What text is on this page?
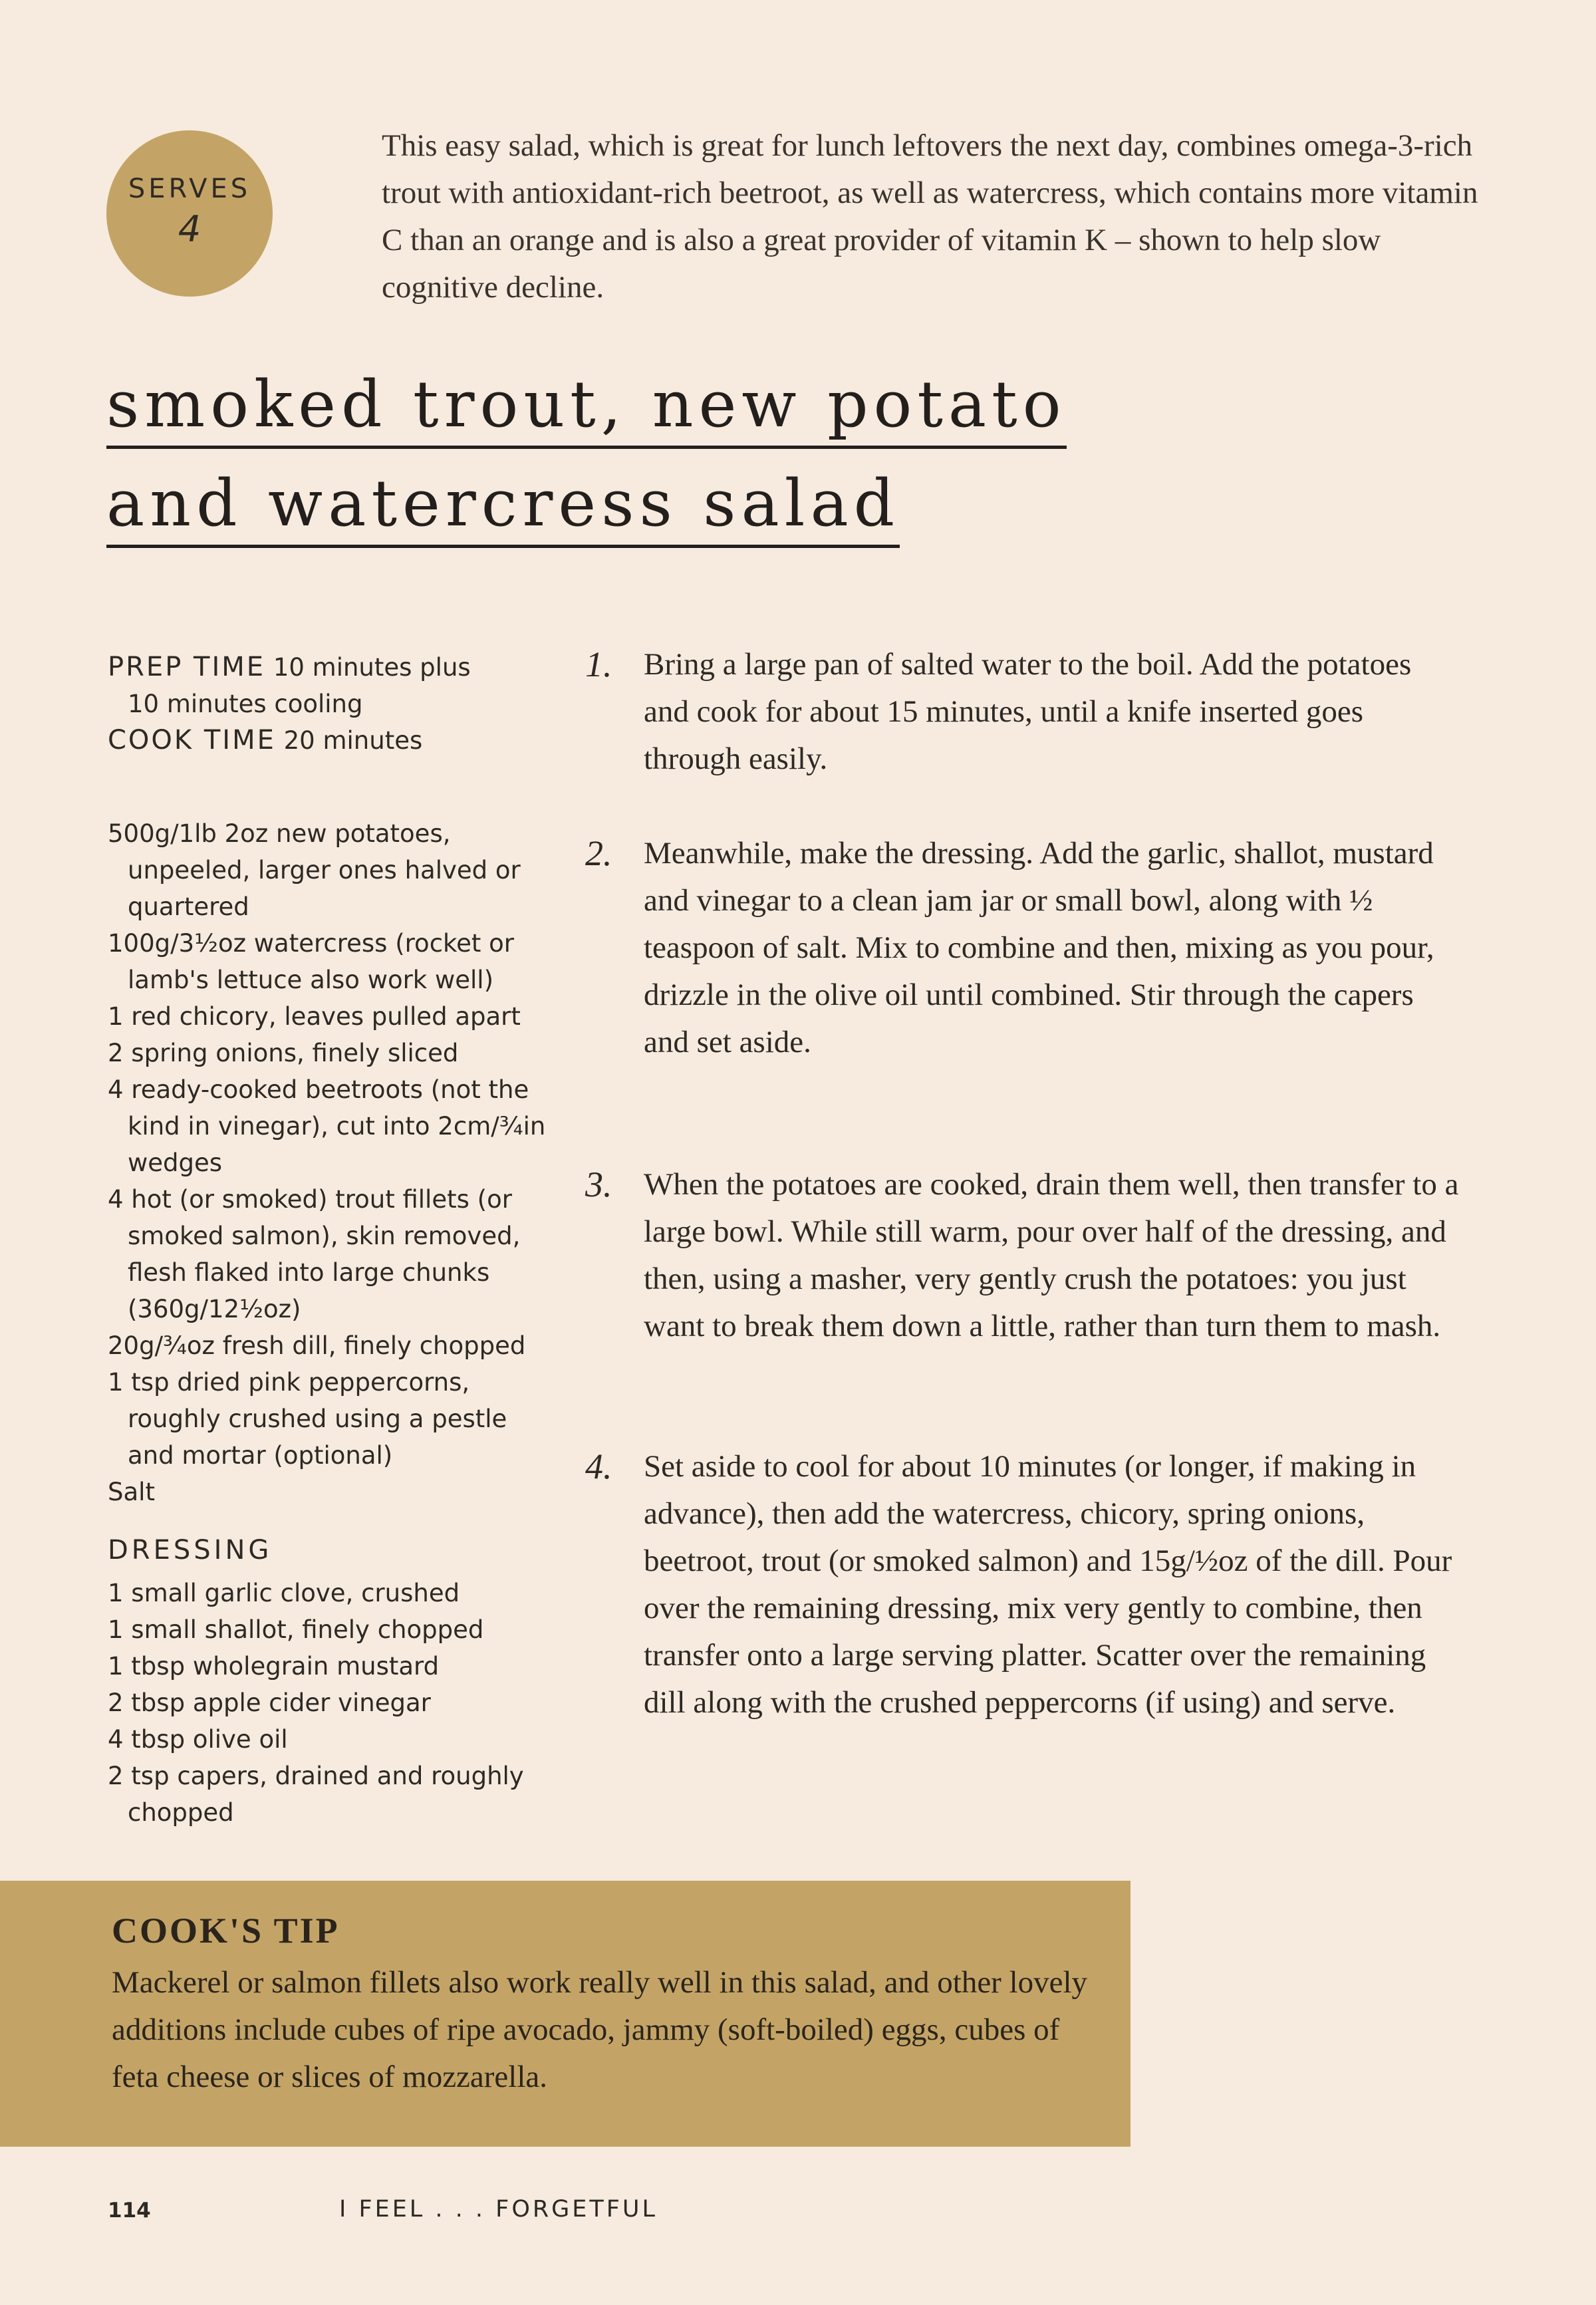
SERVES
4

This easy salad, which is great for lunch leftovers the next day, combines omega-3-rich trout with antioxidant-rich beetroot, as well as watercress, which contains more vitamin C than an orange and is also a great provider of vitamin K – shown to help slow cognitive decline.

smoked trout, new potato
and watercress salad
PREP TIME 10 minutes plus
10 minutes cooling
COOK TIME 20 minutes
500g/1lb 2oz new potatoes, unpeeled, larger ones halved or quartered
100g/3½oz watercress (rocket or lamb's lettuce also work well)
1 red chicory, leaves pulled apart
2 spring onions, finely sliced
4 ready-cooked beetroots (not the kind in vinegar), cut into 2cm/¾in wedges
4 hot (or smoked) trout fillets (or smoked salmon), skin removed, flesh flaked into large chunks (360g/12½oz)
20g/¾oz fresh dill, finely chopped
1 tsp dried pink peppercorns, roughly crushed using a pestle and mortar (optional)
Salt
DRESSING
1 small garlic clove, crushed
1 small shallot, finely chopped
1 tbsp wholegrain mustard
2 tbsp apple cider vinegar
4 tbsp olive oil
2 tsp capers, drained and roughly chopped
1.	Bring a large pan of salted water to the boil. Add the potatoes and cook for about 15 minutes, until a knife inserted goes through easily.
2.	Meanwhile, make the dressing. Add the garlic, shallot, mustard and vinegar to a clean jam jar or small bowl, along with ½ teaspoon of salt. Mix to combine and then, mixing as you pour, drizzle in the olive oil until combined. Stir through the capers and set aside.
3.	When the potatoes are cooked, drain them well, then transfer to a large bowl. While still warm, pour over half of the dressing, and then, using a masher, very gently crush the potatoes: you just want to break them down a little, rather than turn them to mash.
4.	Set aside to cool for about 10 minutes (or longer, if making in advance), then add the watercress, chicory, spring onions, beetroot, trout (or smoked salmon) and 15g/½oz of the dill. Pour over the remaining dressing, mix very gently to combine, then transfer onto a large serving platter. Scatter over the remaining dill along with the crushed peppercorns (if using) and serve.
COOK'S TIP
Mackerel or salmon fillets also work really well in this salad, and other lovely additions include cubes of ripe avocado, jammy (soft-boiled) eggs, cubes of feta cheese or slices of mozzarella.
114	I FEEL . . . FORGETFUL
